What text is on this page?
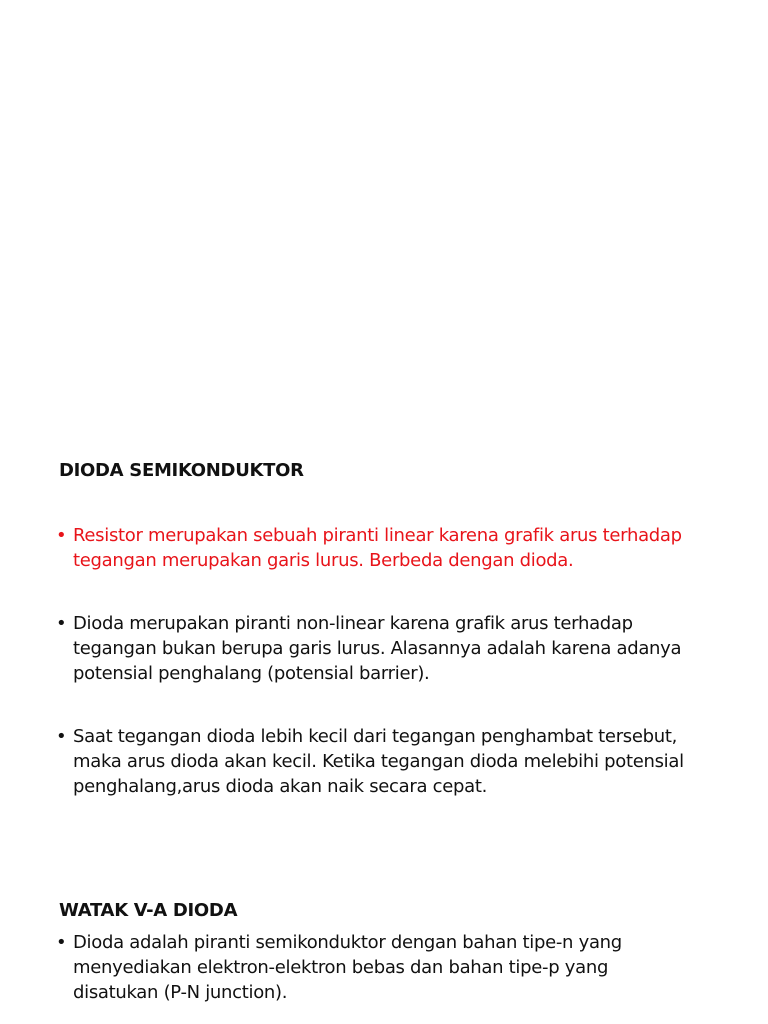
DIODA SEMIKONDUKTOR
• Resistor merupakan sebuah piranti linear karena grafik arus terhadap
tegangan merupakan garis lurus. Berbeda dengan dioda.
• Dioda merupakan piranti non-linear karena grafik arus terhadap
tegangan bukan berupa garis lurus. Alasannya adalah karena adanya
potensial penghalang (potensial barrier).
• Saat tegangan dioda lebih kecil dari tegangan penghambat tersebut,
maka arus dioda akan kecil. Ketika tegangan dioda melebihi potensial
penghalang,arus dioda akan naik secara cepat.
WATAK V-A DIODA
• Dioda adalah piranti semikonduktor dengan bahan tipe-n yang
menyediakan elektron-elektron bebas dan bahan tipe-p yang
disatukan (P-N junction).
